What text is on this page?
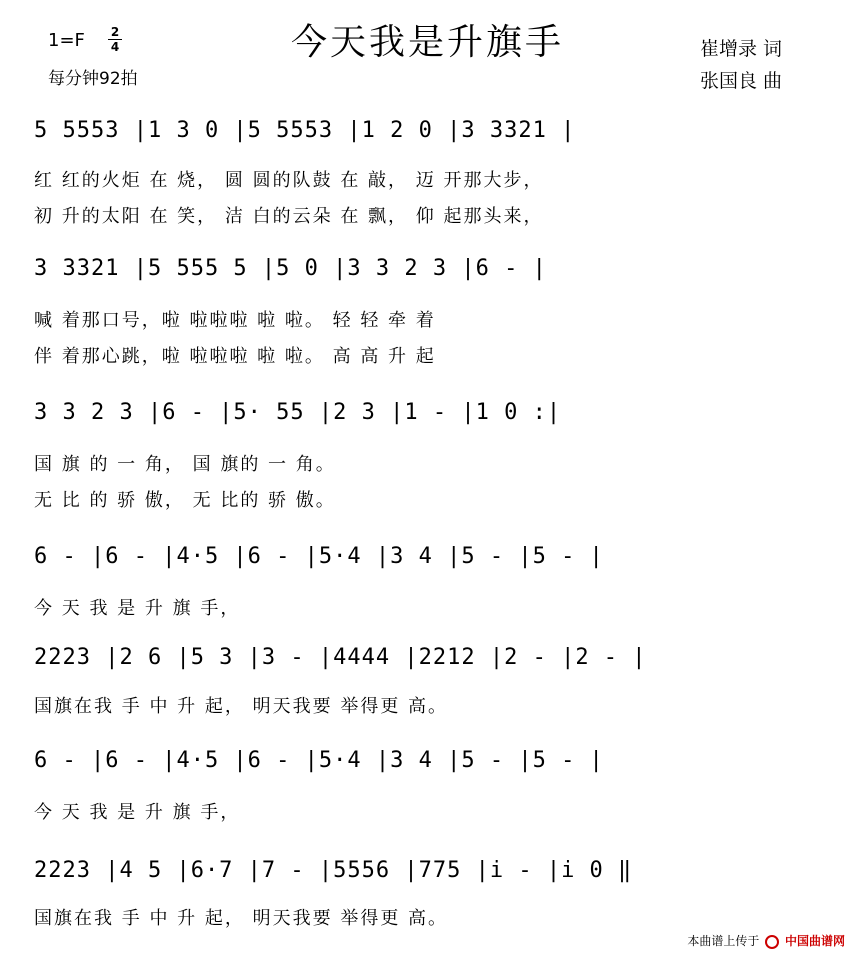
今天我是升旗手
1=F 2
4
每分钟92拍
崔增录 词
张国良 曲
5 5553 |1 3 0 |5 5553 |1 2 0 |3 3321 |
红 红的火炬 在 烧， 圆 圆的队鼓 在 敲， 迈 开那大步，
初 升的太阳 在 笑， 洁 白的云朵 在 飘， 仰 起那头来，
3 3321 |5 555 5 |5 0 |3 3 2 3 |6 - |
喊 着那口号，啦 啦啦啦 啦 啦。 轻 轻 牵 着
伴 着那心跳，啦 啦啦啦 啦 啦。 高 高 升 起
3 3 2 3 |6 - |5· 55 |2 3 |1 - |1 0 :|
国 旗 的 一 角， 国 旗的 一 角。
无 比 的 骄 傲， 无 比的 骄 傲。
6 - |6 - |4·5 |6 - |5·4 |3 4 |5 - |5 - |
今 天 我 是 升 旗 手，
2223 |2 6 |5 3 |3 - |4444 |2212 |2 - |2 - |
国旗在我 手 中 升 起， 明天我要 举得更 高。
6 - |6 - |4·5 |6 - |5·4 |3 4 |5 - |5 - |
今 天 我 是 升 旗 手，
2223 |4 5 |6·7 |7 - |5556 |775 |i - |i 0 ‖
国旗在我 手 中 升 起， 明天我要 举得更 高。
本曲谱上传于 中国曲谱网
